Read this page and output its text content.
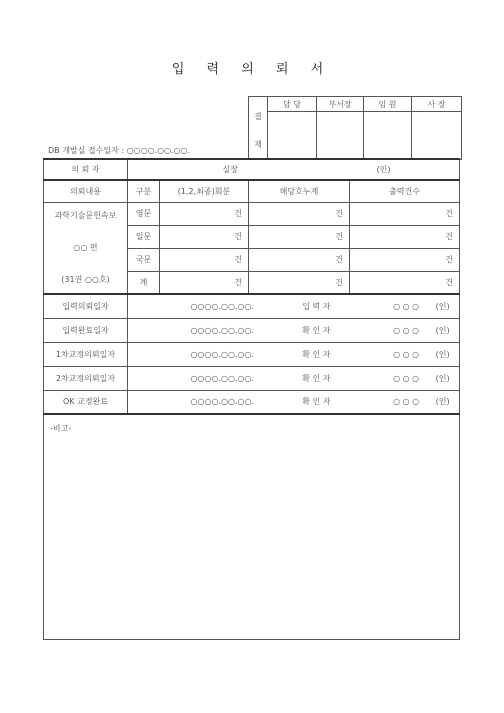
입 력 의 뢰 서
결
재	담 당	부서장	임 원	사 장

DB 개발실 접수일자 : ○○○○.○○.○○.
의 뢰 자	실장 (인)			
의뢰내용	구분	(1,2,최종)회분	해당호누계	출력건수

과학기술문헌속보
○○ 편
(31권 ○○호)	영문	건	건	건
	일문	건	건	건
	국문	건	건	건
	계	건	건	건
입력의뢰일자	○○○○.○○.○○. 입 력 자 ○ ○ ○ (인)			
입력완료일자	○○○○.○○.○○. 확 인 자 ○ ○ ○ (인)			
1차교정의뢰일자	○○○○.○○.○○. 확 인 자 ○ ○ ○ (인)			
2차교정의뢰일자	○○○○.○○.○○. 확 인 자 ○ ○ ○ (인)			
OK 교정완료	○○○○.○○.○○. 확 인 자 ○ ○ ○ (인)			
-비고-				
